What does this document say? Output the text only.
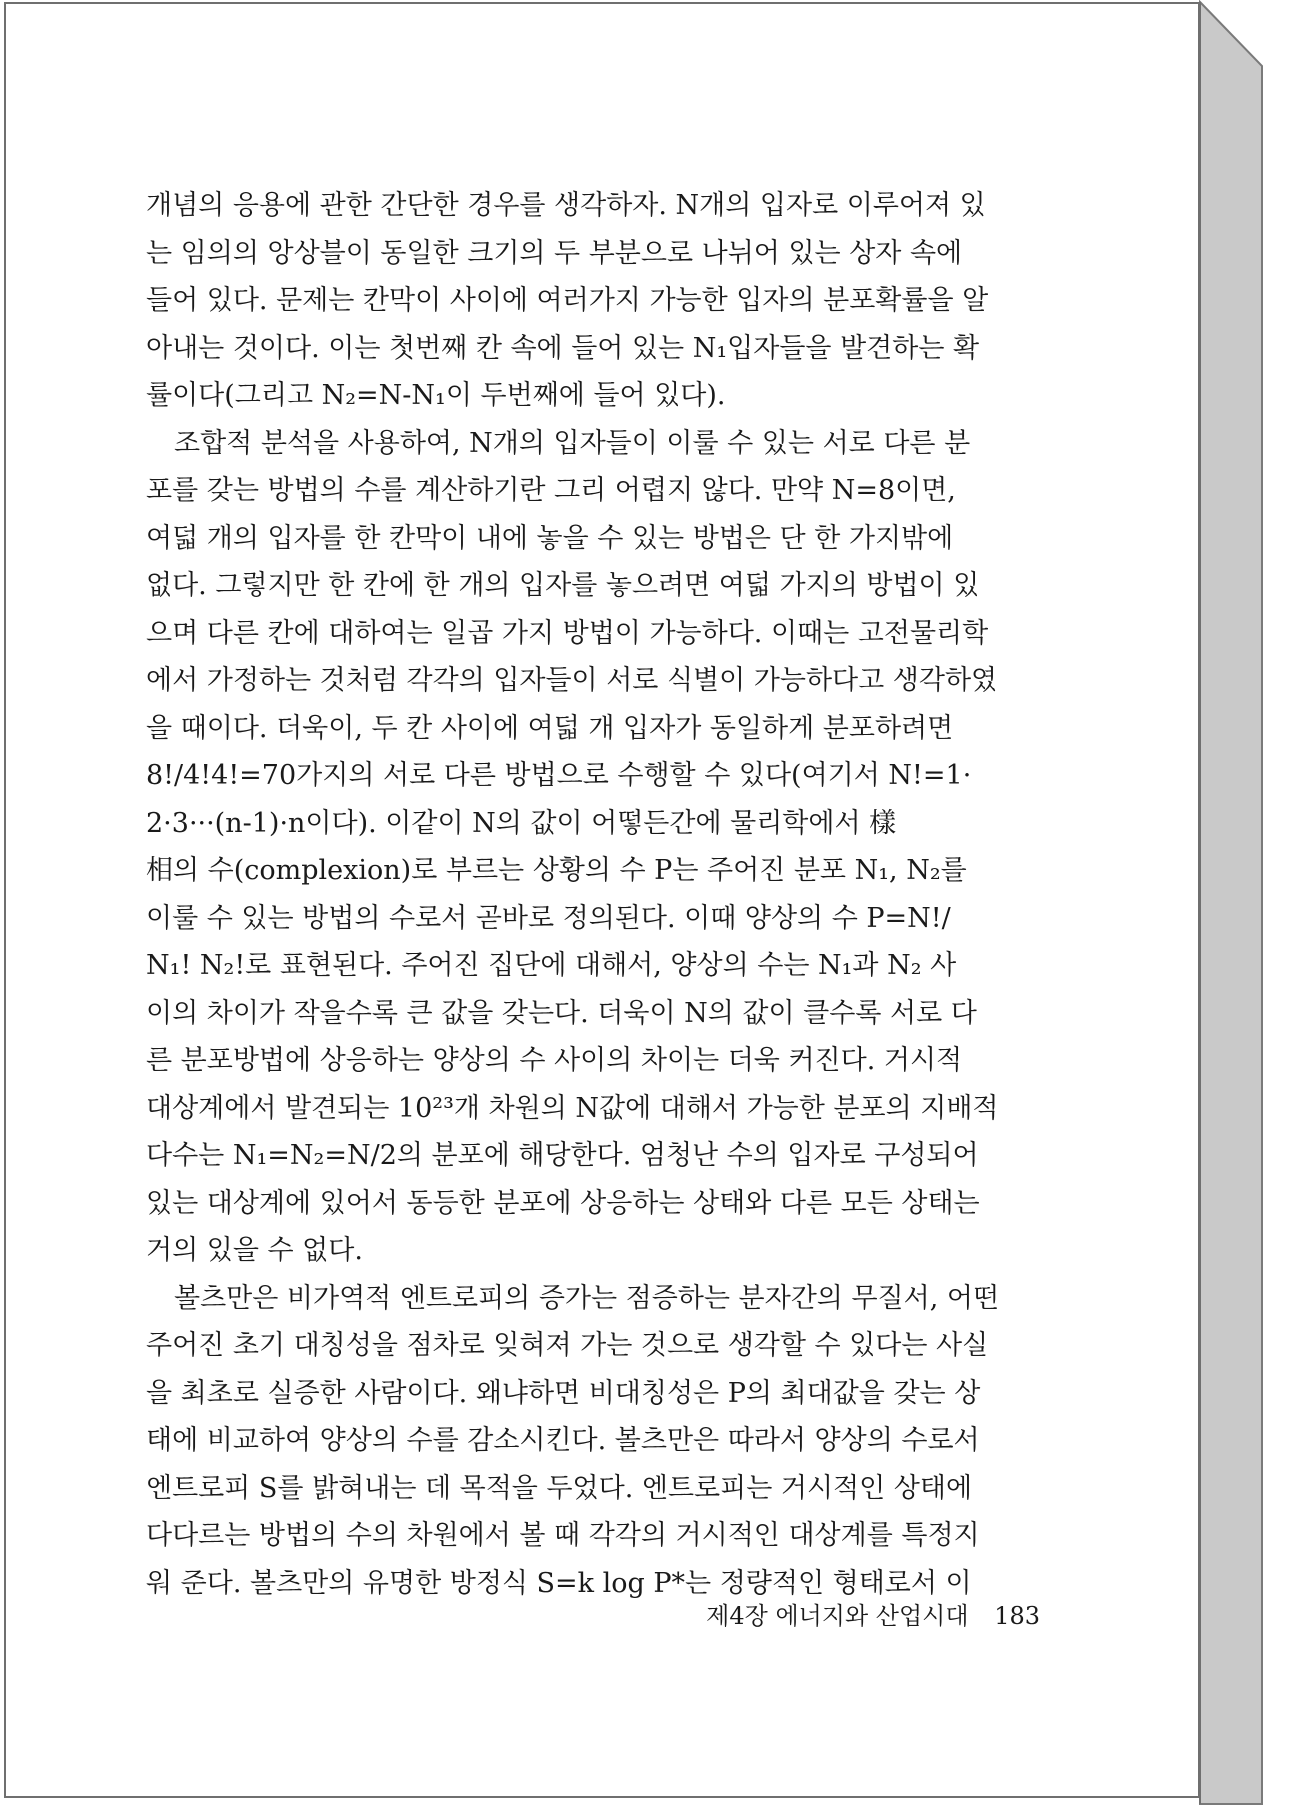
개념의 응용에 관한 간단한 경우를 생각하자. N개의 입자로 이루어져 있
는 임의의 앙상블이 동일한 크기의 두 부분으로 나뉘어 있는 상자 속에
들어 있다. 문제는 칸막이 사이에 여러가지 가능한 입자의 분포확률을 알
아내는 것이다. 이는 첫번째 칸 속에 들어 있는 N₁입자들을 발견하는 확
률이다(그리고 N₂=N-N₁이 두번째에 들어 있다).
조합적 분석을 사용하여, N개의 입자들이 이룰 수 있는 서로 다른 분
포를 갖는 방법의 수를 계산하기란 그리 어렵지 않다. 만약 N=8이면,
여덟 개의 입자를 한 칸막이 내에 놓을 수 있는 방법은 단 한 가지밖에
없다. 그렇지만 한 칸에 한 개의 입자를 놓으려면 여덟 가지의 방법이 있
으며 다른 칸에 대하여는 일곱 가지 방법이 가능하다. 이때는 고전물리학
에서 가정하는 것처럼 각각의 입자들이 서로 식별이 가능하다고 생각하였
을 때이다. 더욱이, 두 칸 사이에 여덟 개 입자가 동일하게 분포하려면
8!/4!4!=70가지의 서로 다른 방법으로 수행할 수 있다(여기서 N!=1·
2·3···(n-1)·n이다). 이같이 N의 값이 어떻든간에 물리학에서 樣
相의 수(complexion)로 부르는 상황의 수 P는 주어진 분포 N₁, N₂를
이룰 수 있는 방법의 수로서 곧바로 정의된다. 이때 양상의 수 P=N!/
N₁! N₂!로 표현된다. 주어진 집단에 대해서, 양상의 수는 N₁과 N₂ 사
이의 차이가 작을수록 큰 값을 갖는다. 더욱이 N의 값이 클수록 서로 다
른 분포방법에 상응하는 양상의 수 사이의 차이는 더욱 커진다. 거시적
대상계에서 발견되는 10²³개 차원의 N값에 대해서 가능한 분포의 지배적
다수는 N₁=N₂=N/2의 분포에 해당한다. 엄청난 수의 입자로 구성되어
있는 대상계에 있어서 동등한 분포에 상응하는 상태와 다른 모든 상태는
거의 있을 수 없다.
볼츠만은 비가역적 엔트로피의 증가는 점증하는 분자간의 무질서, 어떤
주어진 초기 대칭성을 점차로 잊혀져 가는 것으로 생각할 수 있다는 사실
을 최초로 실증한 사람이다. 왜냐하면 비대칭성은 P의 최대값을 갖는 상
태에 비교하여 양상의 수를 감소시킨다. 볼츠만은 따라서 양상의 수로서
엔트로피 S를 밝혀내는 데 목적을 두었다. 엔트로피는 거시적인 상태에
다다르는 방법의 수의 차원에서 볼 때 각각의 거시적인 대상계를 특정지
워 준다. 볼츠만의 유명한 방정식 S=k log P*는 정량적인 형태로서 이
제4장 에너지와 산업시대 183
